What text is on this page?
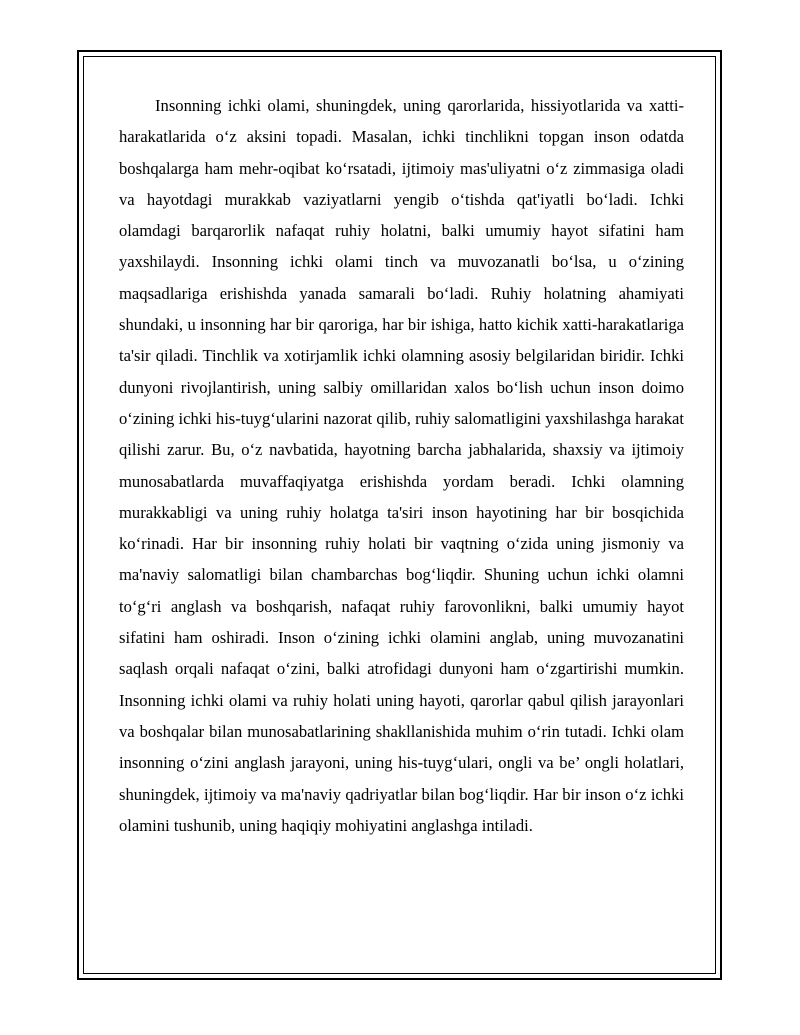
Insonning ichki olami, shuningdek, uning qarorlarida, hissiyotlarida va xatti-harakatlarida o‘z aksini topadi. Masalan, ichki tinchlikni topgan inson odatda boshqalarga ham mehr-oqibat ko‘rsatadi, ijtimoiy mas'uliyatni o‘z zimmasiga oladi va hayotdagi murakkab vaziyatlarni yengib o‘tishda qat'iyatli bo‘ladi. Ichki olamdagi barqarorlik nafaqat ruhiy holatni, balki umumiy hayot sifatini ham yaxshilaydi. Insonning ichki olami tinch va muvozanatli bo‘lsa, u o‘zining maqsadlariga erishishda yanada samarali bo‘ladi. Ruhiy holatning ahamiyati shundaki, u insonning har bir qaroriga, har bir ishiga, hatto kichik xatti-harakatlariga ta'sir qiladi. Tinchlik va xotirjamlik ichki olamning asosiy belgilaridan biridir. Ichki dunyoni rivojlantirish, uning salbiy omillaridan xalos bo‘lish uchun inson doimo o‘zining ichki his-tuyg‘ularini nazorat qilib, ruhiy salomatligini yaxshilashga harakat qilishi zarur. Bu, o‘z navbatida, hayotning barcha jabhalarida, shaxsiy va ijtimoiy munosabatlarda muvaffaqiyatga erishishda yordam beradi. Ichki olamning murakkabligi va uning ruhiy holatga ta'siri inson hayotining har bir bosqichida ko‘rinadi. Har bir insonning ruhiy holati bir vaqtning o‘zida uning jismoniy va ma'naviy salomatligi bilan chambarchas bog‘liqdir. Shuning uchun ichki olamni to‘g‘ri anglash va boshqarish, nafaqat ruhiy farovonlikni, balki umumiy hayot sifatini ham oshiradi. Inson o‘zining ichki olamini anglab, uning muvozanatini saqlash orqali nafaqat o‘zini, balki atrofidagi dunyoni ham o‘zgartirishi mumkin. Insonning ichki olami va ruhiy holati uning hayoti, qarorlar qabul qilish jarayonlari va boshqalar bilan munosabatlarining shakllanishida muhim o‘rin tutadi. Ichki olam insonning o‘zini anglash jarayoni, uning his-tuyg‘ulari, ongli va be’ ongli holatlari, shuningdek, ijtimoiy va ma'naviy qadriyatlar bilan bog‘liqdir. Har bir inson o‘z ichki olamini tushunib, uning haqiqiy mohiyatini anglashga intiladi.
